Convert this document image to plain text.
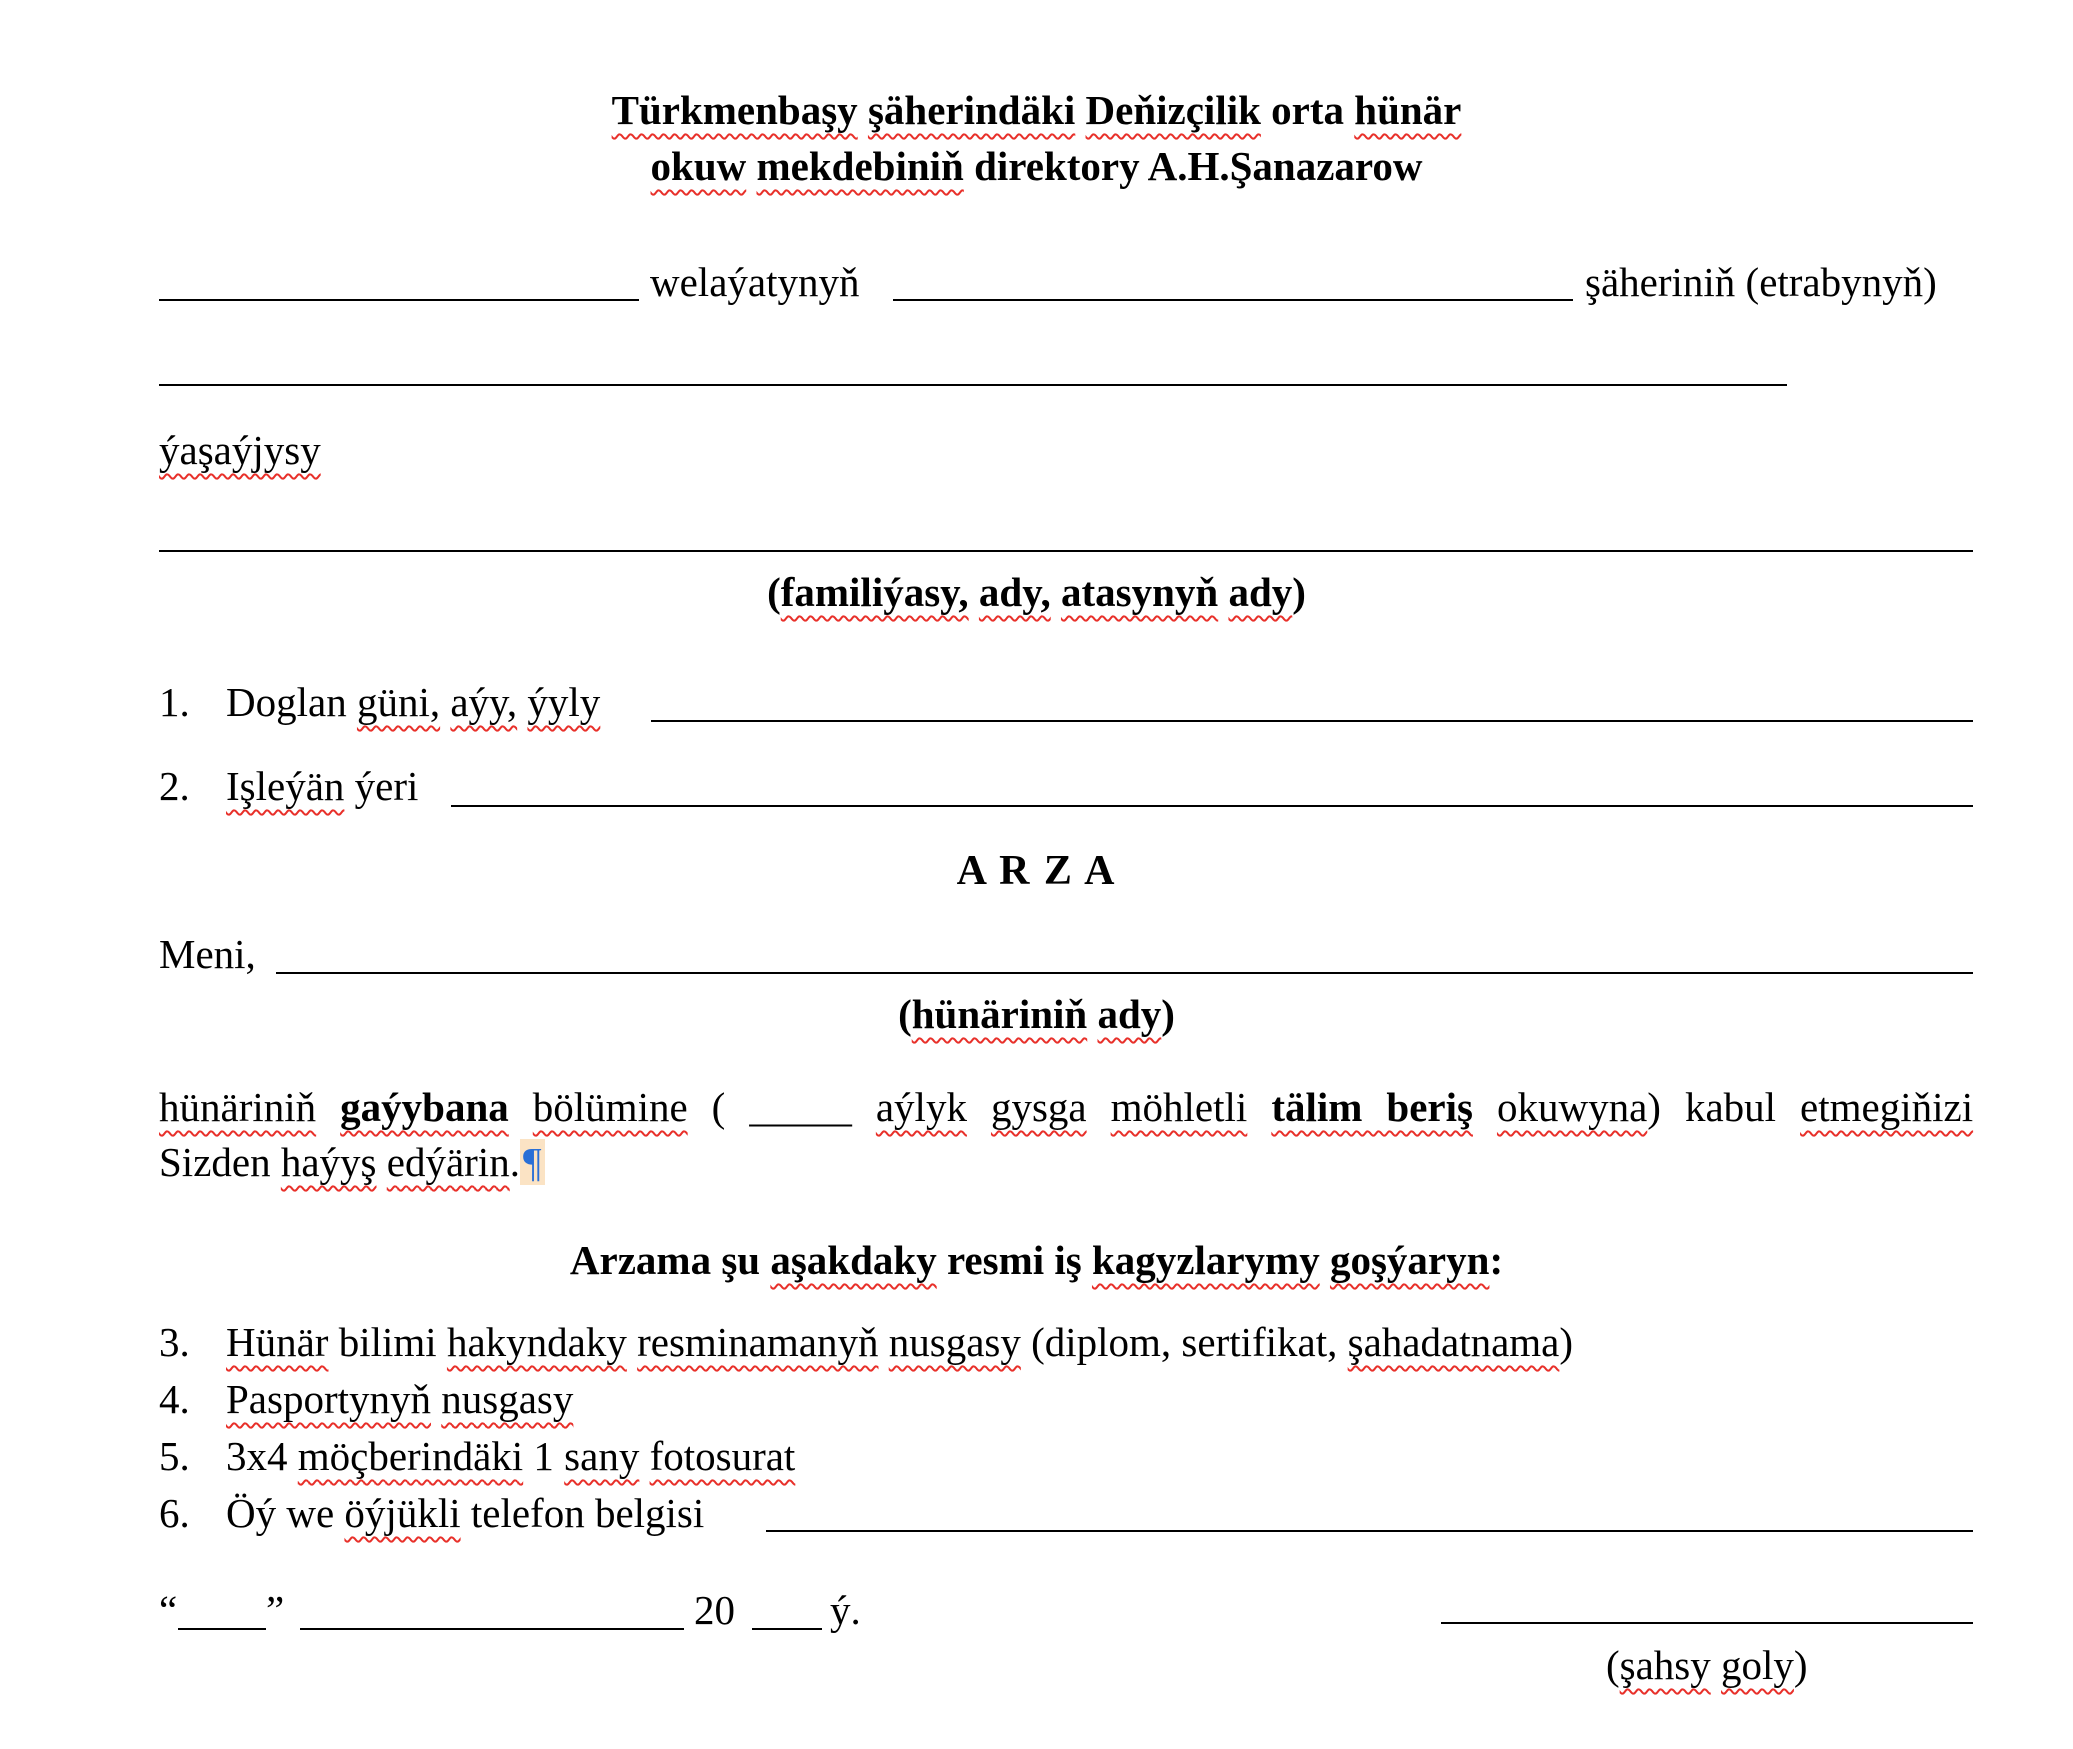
Türkmenbaşy şäherindäki Deňizçilik orta hünär
okuw mekdebiniň direktory A.H.Şanazarow
welaýatynyň	şäheriniň (etrabynyň)
ýaşaýjysy
(familiýasy, ady, atasynyň ady)
1. Doglan güni, aýy, ýyly
2. Işleýän ýeri
A R Z A
Meni,
(hünäriniň ady)
hünäriniň gaýybana bölümine ( _____ aýlyk gysga möhletli tälim beriş okuwyna) kabul etmegiňizi
Sizden haýyş edýärin.¶
Arzama şu aşakdaky resmi iş kagyzlarymy goşýaryn:
3. Hünär bilimi hakyndaky resminamanyň nusgasy (diplom, sertifikat, şahadatnama)
4. Pasportynyň nusgasy
5. 3x4 möçberindäki 1 sany fotosurat
6. Öý we öýjükli telefon belgisi
“ ”	20 ý.
(şahsy goly)
